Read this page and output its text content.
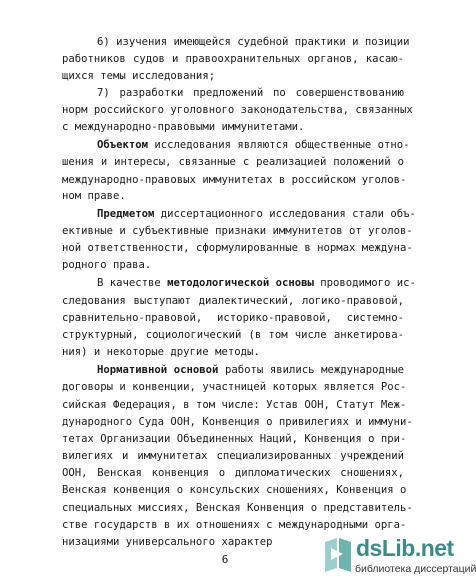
6) изучения имеющейся судебной практики и позиции
работников судов и правоохранительных органов, касаю-
щихся темы исследования;
7) разработки предложений по совершенствованию
норм российского уголовного законодательства, связанных
с международно-правовыми иммунитетами.
Объектом исследования являются общественные отно-
шения и интересы, связанные с реализацией положений о
международно-правовых иммунитетах в российском уголов-
ном праве.
Предметом диссертационного исследования стали объ-
ективные и субъективные признаки иммунитетов от уголов-
ной ответственности, сформулированные в нормах междуна-
родного права.
В качестве методологической основы проводимого ис-
следования выступают диалектический, логико-правовой,
сравнительно-правовой, историко-правовой, системно-
структурный, социологический (в том числе анкетирова-
ния) и некоторые другие методы.
Нормативной основой работы явились международные
договоры и конвенции, участницей которых является Рос-
сийская Федерация, в том числе: Устав ООН, Статут Меж-
дународного Суда ООН, Конвенция о привилегиях и иммуни-
тетах Организации Объединенных Наций, Конвенция о при-
вилегиях и иммунитетах специализированных учреждений
ООН, Венская конвенция о дипломатических сношениях,
Венская конвенция о консульских сношениях, Конвенция о
специальных миссиях, Венская Конвенция о представитель-
стве государств в их отношениях с международными орга-
низациями универсального характер
6	dsLib.net
библиотека диссертаций
